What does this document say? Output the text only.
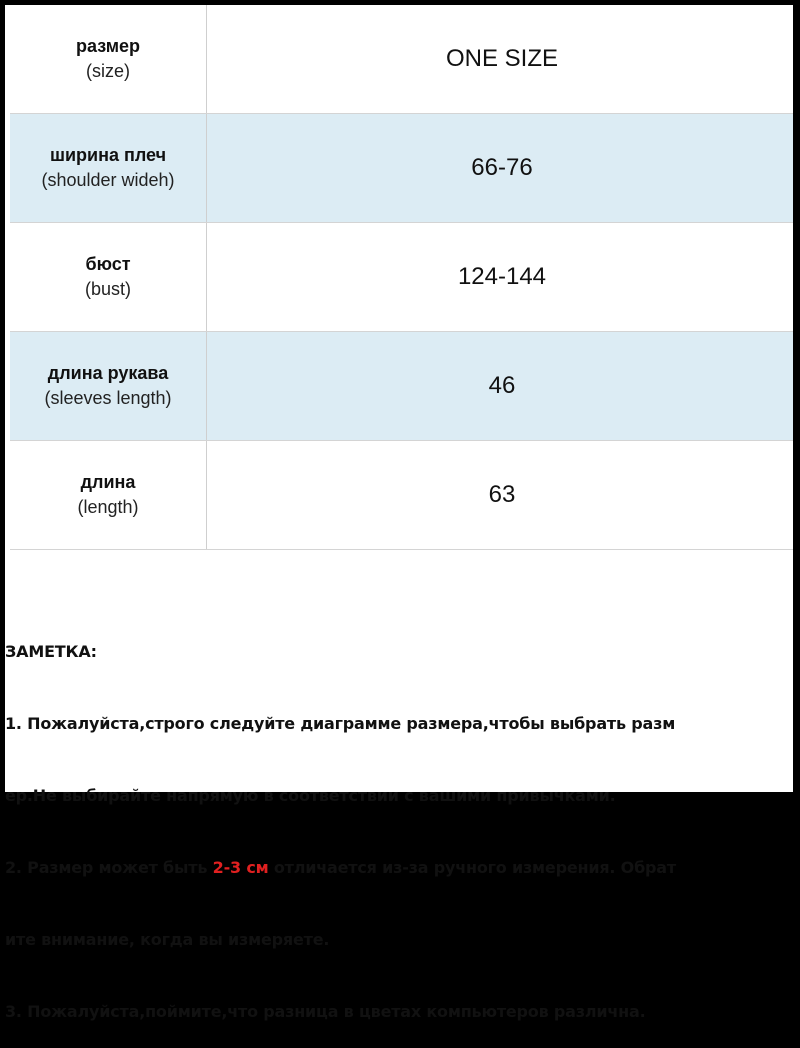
размер
(size)	ONE SIZE
ширина плеч
(shoulder wideh)	66-76
бюст
(bust)	124-144
длина рукава
(sleeves length)	46
длина
(length)	63

ЗАМЕТКА:

1. Пожалуйста,строго следуйте диаграмме размера,чтобы выбрать разм

ер.Не выбирайте напрямую в соответствии с вашими привычками.

2. Размер может быть 2-3 см отличается из-за ручного измерения. Обрат

ите внимание, когда вы измеряете.

3. Пожалуйста,поймите,что разница в цветах компьютеров различна.
